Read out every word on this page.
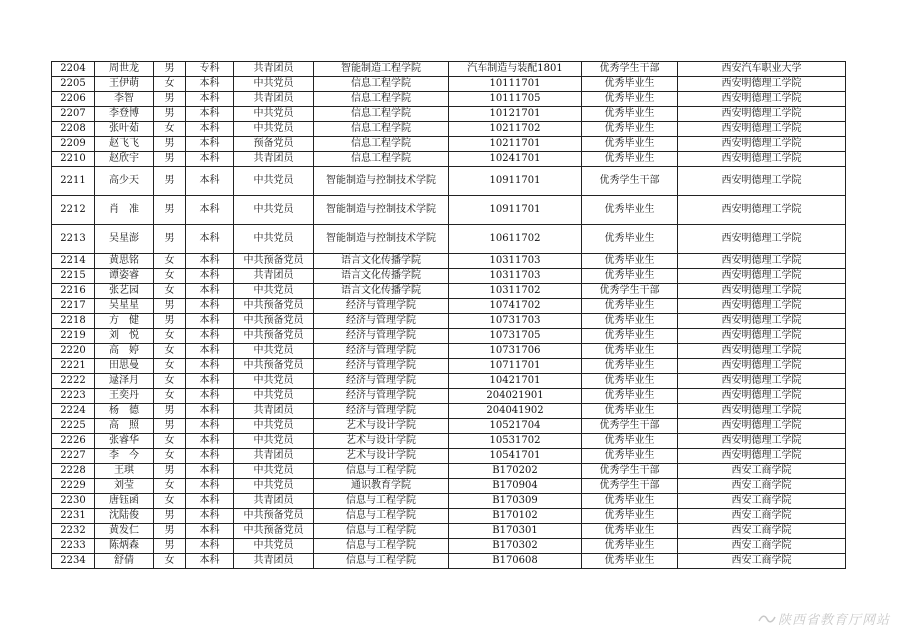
2204	周世龙	男	专科	共青团员	智能制造工程学院	汽车制造与装配1801	优秀学生干部	西安汽车职业大学
2205	王伊萌	女	本科	中共党员	信息工程学院	10111701	优秀毕业生	西安明德理工学院
2206	李智	男	本科	共青团员	信息工程学院	10111705	优秀毕业生	西安明德理工学院
2207	李登博	男	本科	中共党员	信息工程学院	10121701	优秀毕业生	西安明德理工学院
2208	张叶茹	女	本科	中共党员	信息工程学院	10211702	优秀毕业生	西安明德理工学院
2209	赵飞飞	男	本科	预备党员	信息工程学院	10211701	优秀毕业生	西安明德理工学院
2210	赵欣宇	男	本科	共青团员	信息工程学院	10241701	优秀毕业生	西安明德理工学院
2211	高少天	男	本科	中共党员	智能制造与控制技术学院	10911701	优秀学生干部	西安明德理工学院
2212	肖　准	男	本科	中共党员	智能制造与控制技术学院	10911701	优秀毕业生	西安明德理工学院
2213	吴星澎	男	本科	中共党员	智能制造与控制技术学院	10611702	优秀毕业生	西安明德理工学院
2214	黄思铭	女	本科	中共预备党员	语言文化传播学院	10311703	优秀毕业生	西安明德理工学院
2215	谭姿睿	女	本科	共青团员	语言文化传播学院	10311703	优秀毕业生	西安明德理工学院
2216	张艺园	女	本科	中共党员	语言文化传播学院	10311702	优秀学生干部	西安明德理工学院
2217	吴星星	男	本科	中共预备党员	经济与管理学院	10741702	优秀毕业生	西安明德理工学院
2218	方　健	男	本科	中共预备党员	经济与管理学院	10731703	优秀毕业生	西安明德理工学院
2219	刘　悦	女	本科	中共预备党员	经济与管理学院	10731705	优秀毕业生	西安明德理工学院
2220	高　婷	女	本科	中共党员	经济与管理学院	10731706	优秀毕业生	西安明德理工学院
2221	田思曼	女	本科	中共预备党员	经济与管理学院	10711701	优秀毕业生	西安明德理工学院
2222	逯泽月	女	本科	中共党员	经济与管理学院	10421701	优秀毕业生	西安明德理工学院
2223	王奕丹	女	本科	中共党员	经济与管理学院	204021901	优秀毕业生	西安明德理工学院
2224	杨　德	男	本科	共青团员	经济与管理学院	204041902	优秀毕业生	西安明德理工学院
2225	高　照	男	本科	中共党员	艺术与设计学院	10521704	优秀学生干部	西安明德理工学院
2226	张睿华	女	本科	中共党员	艺术与设计学院	10531702	优秀毕业生	西安明德理工学院
2227	李　今	女	本科	共青团员	艺术与设计学院	10541701	优秀毕业生	西安明德理工学院
2228	王琪	男	本科	中共党员	信息与工程学院	B170202	优秀学生干部	西安工商学院
2229	刘莹	女	本科	中共党员	通识教育学院	B170904	优秀学生干部	西安工商学院
2230	唐钰函	女	本科	共青团员	信息与工程学院	B170309	优秀毕业生	西安工商学院
2231	沈陆俊	男	本科	中共预备党员	信息与工程学院	B170102	优秀毕业生	西安工商学院
2232	黄发仁	男	本科	中共预备党员	信息与工程学院	B170301	优秀毕业生	西安工商学院
2233	陈炳森	男	本科	中共党员	信息与工程学院	B170302	优秀毕业生	西安工商学院
2234	舒倩	女	本科	共青团员	信息与工程学院	B170608	优秀毕业生	西安工商学院
陕西省教育厅网站
